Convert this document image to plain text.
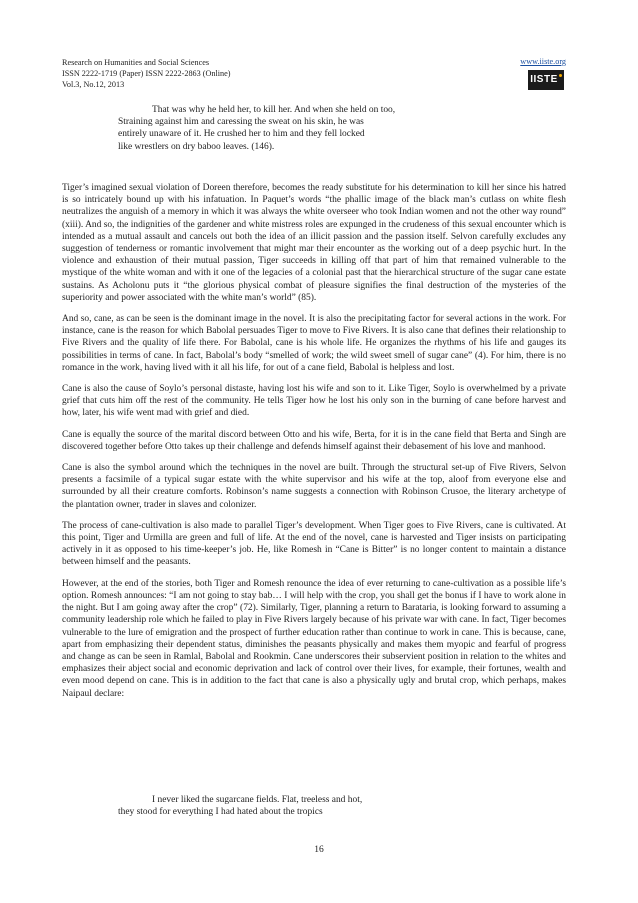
Research on Humanities and Social Sciences
ISSN 2222-1719 (Paper) ISSN 2222-2863 (Online)
Vol.3, No.12, 2013
www.iiste.org
IISTE
That was why he held her, to kill her. And when she held on too,
Straining against him and caressing the sweat on his skin, he was
entirely unaware of it. He crushed her to him and they fell locked
like wrestlers on dry baboo leaves. (146).

Tiger’s imagined sexual violation of Doreen therefore, becomes the ready substitute for his determination to kill her since his hatred is so intricately bound up with his infatuation. In Paquet’s words “the phallic image of the black man’s cutlass on white flesh neutralizes the anguish of a memory in which it was always the white overseer who took Indian women and not the other way round” (xiii). And so, the indignities of the gardener and white mistress roles are expunged in the crudeness of this sexual encounter which is intended as a mutual assault and cancels out both the idea of an illicit passion and the passion itself. Selvon carefully excludes any suggestion of tenderness or romantic involvement that might mar their encounter as the working out of a deep psychic hurt. In the violence and exhaustion of their mutual passion, Tiger succeeds in killing off that part of him that remained vulnerable to the mystique of the white woman and with it one of the legacies of a colonial past that the hierarchical structure of the sugar cane estate sustains. As Acholonu puts it “the glorious physical combat of pleasure signifies the final destruction of the mysteries of the superiority and power associated with the white man’s world” (85).

And so, cane, as can be seen is the dominant image in the novel. It is also the precipitating factor for several actions in the work. For instance, cane is the reason for which Babolal persuades Tiger to move to Five Rivers. It is also cane that defines their relationship to Five Rivers and the quality of life there. For Babolal, cane is his whole life. He organizes the rhythms of his life and gauges its possibilities in terms of cane. In fact, Babolal’s body “smelled of work; the wild sweet smell of sugar cane” (4). For him, there is no romance in the work, having lived with it all his life, for out of a cane field, Babolal is helpless and lost.

Cane is also the cause of Soylo’s personal distaste, having lost his wife and son to it. Like Tiger, Soylo is overwhelmed by a private grief that cuts him off the rest of the community. He tells Tiger how he lost his only son in the burning of cane before harvest and how, later, his wife went mad with grief and died.

Cane is equally the source of the marital discord between Otto and his wife, Berta, for it is in the cane field that Berta and Singh are discovered together before Otto takes up their challenge and defends himself against their debasement of his love and manhood.

Cane is also the symbol around which the techniques in the novel are built. Through the structural set-up of Five Rivers, Selvon presents a facsimile of a typical sugar estate with the white supervisor and his wife at the top, aloof from everyone else and surrounded by all their creature comforts. Robinson’s name suggests a connection with Robinson Crusoe, the literary archetype of the plantation owner, trader in slaves and colonizer.

The process of cane-cultivation is also made to parallel Tiger’s development. When Tiger goes to Five Rivers, cane is cultivated. At this point, Tiger and Urmilla are green and full of life. At the end of the novel, cane is harvested and Tiger insists on participating actively in it as opposed to his time-keeper’s job. He, like Romesh in “Cane is Bitter” is no longer content to maintain a distance between himself and the peasants.

However, at the end of the stories, both Tiger and Romesh renounce the idea of ever returning to cane-cultivation as a possible life’s option. Romesh announces: “I am not going to stay bab… I will help with the crop, you shall get the bonus if I have to work alone in the night. But I am going away after the crop” (72). Similarly, Tiger, planning a return to Barataria, is looking forward to assuming a community leadership role which he failed to play in Five Rivers largely because of his private war with cane. In fact, Tiger becomes vulnerable to the lure of emigration and the prospect of further education rather than continue to work in cane. This is because, cane, apart from emphasizing their dependent status, diminishes the peasants physically and makes them myopic and fearful of progress and change as can be seen in Ramlal, Babolal and Rookmin. Cane underscores their subservient position in relation to the whites and emphasizes their abject social and economic deprivation and lack of control over their lives, for example, their fortunes, wealth and even mood depend on cane. This is in addition to the fact that cane is also a physically ugly and brutal crop, which perhaps, makes Naipaul declare:

I never liked the sugarcane fields. Flat, treeless and hot,
they stood for everything I had hated about the tropics
16
